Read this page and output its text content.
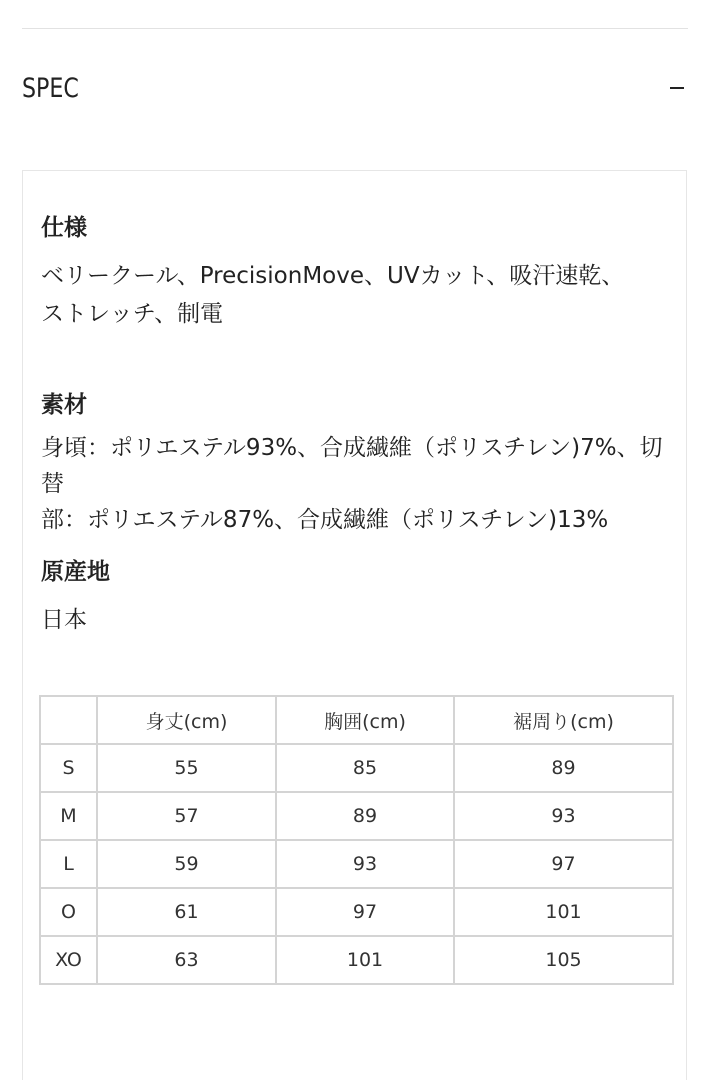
SPEC
仕様
ベリークール、PrecisionMove、UVカット、吸汗速乾、
ストレッチ、制電
素材
身頃：ポリエステル93%、合成繊維（ポリスチレン)7%、切替
部：ポリエステル87%、合成繊維（ポリスチレン)13%
原産地
日本
	身丈(cm)	胸囲(cm)	裾周り(cm)
S	55	85	89
M	57	89	93
L	59	93	97
O	61	97	101
XO	63	101	105
